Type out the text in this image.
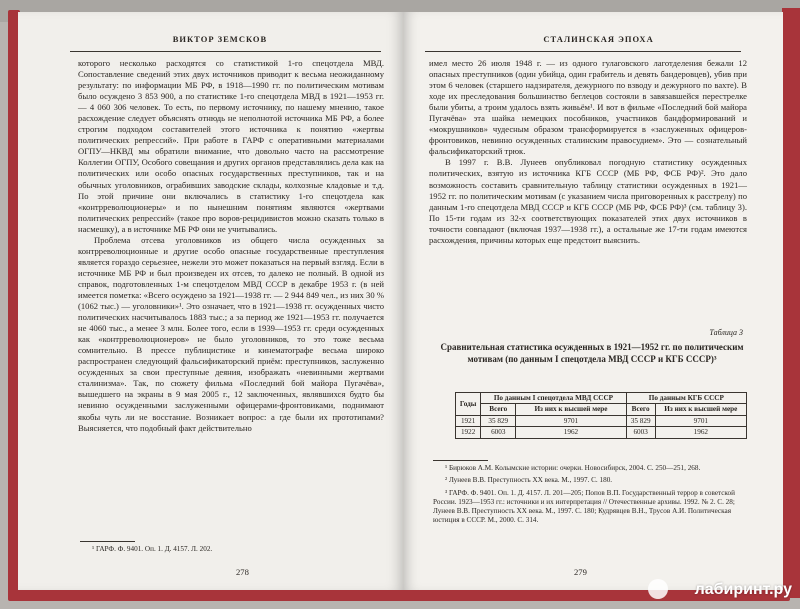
ВИКТОР ЗЕМСКОВ

которого несколько расходятся со статистикой 1-го спецотдела МВД. Сопоставление сведений этих двух источников приводит к весьма неожиданному результату: по информации МБ РФ, в 1918—1990 гг. по политическим мотивам было осуждено 3 853 900, а по статистике 1-го спецотдела МВД в 1921—1953 гг. — 4 060 306 человек. То есть, по первому источнику, по нашему мнению, такое расхождение следует объяснять отнюдь не неполнотой источника МБ РФ, а более строгим подходом составителей этого источника к понятию «жертвы политических репрессий». При работе в ГАРФ с оперативными материалами ОГПУ—НКВД мы обратили внимание, что довольно часто на рассмотрение Коллегии ОГПУ, Особого совещания и других органов представлялись дела как на политических или особо опасных государственных преступников, так и на обычных уголовников, ограбивших заводские склады, колхозные кладовые и т.д. По этой причине они включались в статистику 1-го спецотдела как «контрреволюционеры» и по нынешним понятиям являются «жертвами политических репрессий» (такое про воров-рецидивистов можно сказать только в насмешку), а в источнике МБ РФ они не учитывались.

Проблема отсева уголовников из общего числа осужденных за контрреволюционные и другие особо опасные государственные преступления является гораздо серьезнее, нежели это может показаться на первый взгляд. Если в источнике МБ РФ и был произведен их отсев, то далеко не полный. В одной из справок, подготовленных 1-м спецотделом МВД СССР в декабре 1953 г. (в ней имеется пометка: «Всего осуждено за 1921—1938 гг. — 2 944 849 чел., из них 30 % (1062 тыс.) — уголовники»¹. Это означает, что в 1921—1938 гг. осужденных чисто политических насчитывалось 1883 тыс.; а за период же 1921—1953 гг. получается не 4060 тыс., а менее 3 млн. Более того, если в 1939—1953 гг. среди осужденных как «контрреволюционеров» не было уголовников, то это тоже весьма сомнительно. В прессе публицистике и кинематографе весьма широко распространен следующий фальсификаторский приём: преступников, заслуженно осужденных за свои преступные деяния, изображать «невинными жертвами сталинизма». Так, по сюжету фильма «Последний бой майора Пугачёва», вышедшего на экраны в 9 мая 2005 г., 12 заключенных, являвшихся будто бы невинно осужденными заслуженными офицерами-фронтовиками, поднимают якобы чуть ли не восстание. Возникает вопрос: а где были их прототипами? Выясняется, что подобный факт действительно

¹ ГАРФ. Ф. 9401. Оп. 1. Д. 4157. Л. 202.

278
СТАЛИНСКАЯ ЭПОХА

имел место 26 июля 1948 г. — из одного гулаговского лаготделения бежали 12 опасных преступников (один убийца, один грабитель и девять бандеровцев), убив при этом 6 человек (старшего надзирателя, дежурного по взводу и дежурного по вахте). В ходе их преследования большинство беглецов состояли в завязавшейся перестрелке были убиты, а троим удалось взять живьём¹. И вот в фильме «Последний бой майора Пугачёва» эта шайка немецких пособников, участников бандформирований и «мокрушников» чудесным образом трансформируется в «заслуженных офицеров-фронтовиков, невинно осужденных сталинским правосудием». Это — сознательный фальсификаторский трюк.

В 1997 г. В.В. Лунеев опубликовал погодную статистику осужденных политических, взятую из источника КГБ СССР (МБ РФ, ФСБ РФ)². Это дало возможность составить сравнительную таблицу статистики осужденных в 1921—1952 гг. по политическим мотивам (с указанием числа приговоренных к расстрелу) по данным 1-го спецотдела МВД СССР и КГБ СССР (МБ РФ, ФСБ РФ)³ (см. таблицу 3). По 15-ти годам из 32-х соответствующих показателей этих двух источников в точности совпадают (включая 1937—1938 гг.), а остальные же 17-ти годам имеются расхождения, причины которых еще предстоит выяснить.

Таблица 3
Сравнительная статистика осужденных в 1921—1952 гг. по политическим мотивам (по данным I спецотдела МВД СССР и КГБ СССР)³
Годы	По данным I спецотдела МВД СССР		По данным КГБ СССР	
	Всего	Из них к высшей мере	Всего	Из них к высшей мере
1921	35 829	9701	35 829	9701
1922	6003	1962	6003	1962

¹ Бирюков А.М. Колымские истории: очерки. Новосибирск, 2004. С. 250—251, 268.

² Лунеев В.В. Преступность XX века. М., 1997. С. 180.

³ ГАРФ. Ф. 9401. Оп. 1. Д. 4157. Л. 201—205; Попов В.П. Государственный террор в советской России. 1923—1953 гг.: источники и их интерпретация // Отечественные архивы. 1992. № 2. С. 28; Лунеев В.В. Преступность XX века. М., 1997. С. 180; Кудрявцев В.Н., Трусов А.И. Политическая юстиция в СССР. М., 2000. С. 314.

279
лабиринт.ру
